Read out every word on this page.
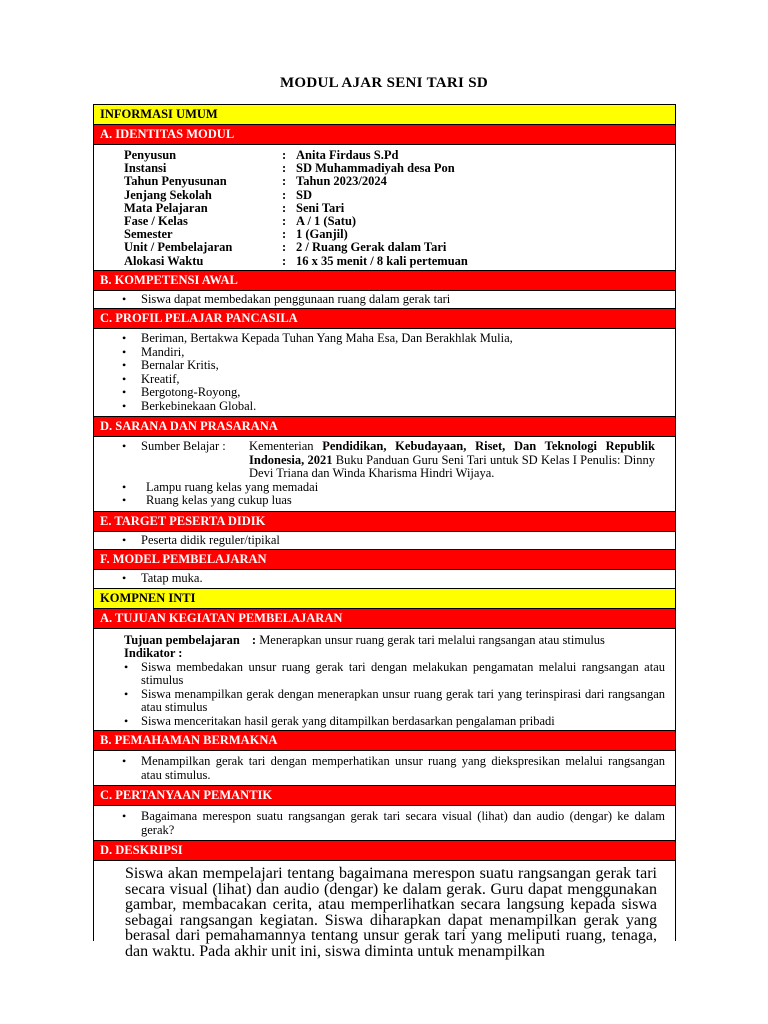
MODUL AJAR SENI TARI SD
INFORMASI UMUM
A. IDENTITAS MODUL
Penyusun	: Anita Firdaus S.Pd
Instansi	: SD Muhammadiyah desa Pon
Tahun Penyusunan	: Tahun 2023/2024
Jenjang Sekolah	: SD
Mata Pelajaran	: Seni Tari
Fase / Kelas	: A / 1 (Satu)
Semester	: 1 (Ganjil)
Unit / Pembelajaran	: 2 / Ruang Gerak dalam Tari
Alokasi Waktu	: 16 x 35 menit / 8 kali pertemuan
B. KOMPETENSI AWAL
• Siswa dapat membedakan penggunaan ruang dalam gerak tari
C. PROFIL PELAJAR PANCASILA
• Beriman, Bertakwa Kepada Tuhan Yang Maha Esa, Dan Berakhlak Mulia,
• Mandiri,
• Bernalar Kritis,
• Kreatif,
• Bergotong-Royong,
• Berkebinekaan Global.
D. SARANA DAN PRASARANA
• Sumber Belajar :	Kementerian Pendidikan, Kebudayaan, Riset, Dan Teknologi Republik Indonesia, 2021 Buku Panduan Guru Seni Tari untuk SD Kelas I Penulis: Dinny Devi Triana dan Winda Kharisma Hindri Wijaya.
• Lampu ruang kelas yang memadai
• Ruang kelas yang cukup luas
E. TARGET PESERTA DIDIK
• Peserta didik reguler/tipikal
F. MODEL PEMBELAJARAN
• Tatap muka.
KOMPNEN INTI
A. TUJUAN KEGIATAN PEMBELAJARAN
Tujuan pembelajaran : Menerapkan unsur ruang gerak tari melalui rangsangan atau stimulus
Indikator :
• Siswa membedakan unsur ruang gerak tari dengan melakukan pengamatan melalui rangsangan atau stimulus
• Siswa menampilkan gerak dengan menerapkan unsur ruang gerak tari yang terinspirasi dari rangsangan atau stimulus
• Siswa menceritakan hasil gerak yang ditampilkan berdasarkan pengalaman pribadi
B. PEMAHAMAN BERMAKNA
• Menampilkan gerak tari dengan memperhatikan unsur ruang yang diekspresikan melalui rangsangan atau stimulus.
C. PERTANYAAN PEMANTIK
• Bagaimana merespon suatu rangsangan gerak tari secara visual (lihat) dan audio (dengar) ke dalam gerak?
D. DESKRIPSI
Siswa akan mempelajari tentang bagaimana merespon suatu rangsangan gerak tari secara visual (lihat) dan audio (dengar) ke dalam gerak. Guru dapat menggunakan gambar, membacakan cerita, atau memperlihatkan secara langsung kepada siswa sebagai rangsangan kegiatan. Siswa diharapkan dapat menampilkan gerak yang berasal dari pemahamannya tentang unsur gerak tari yang meliputi ruang, tenaga, dan waktu. Pada akhir unit ini, siswa diminta untuk menampilkan
